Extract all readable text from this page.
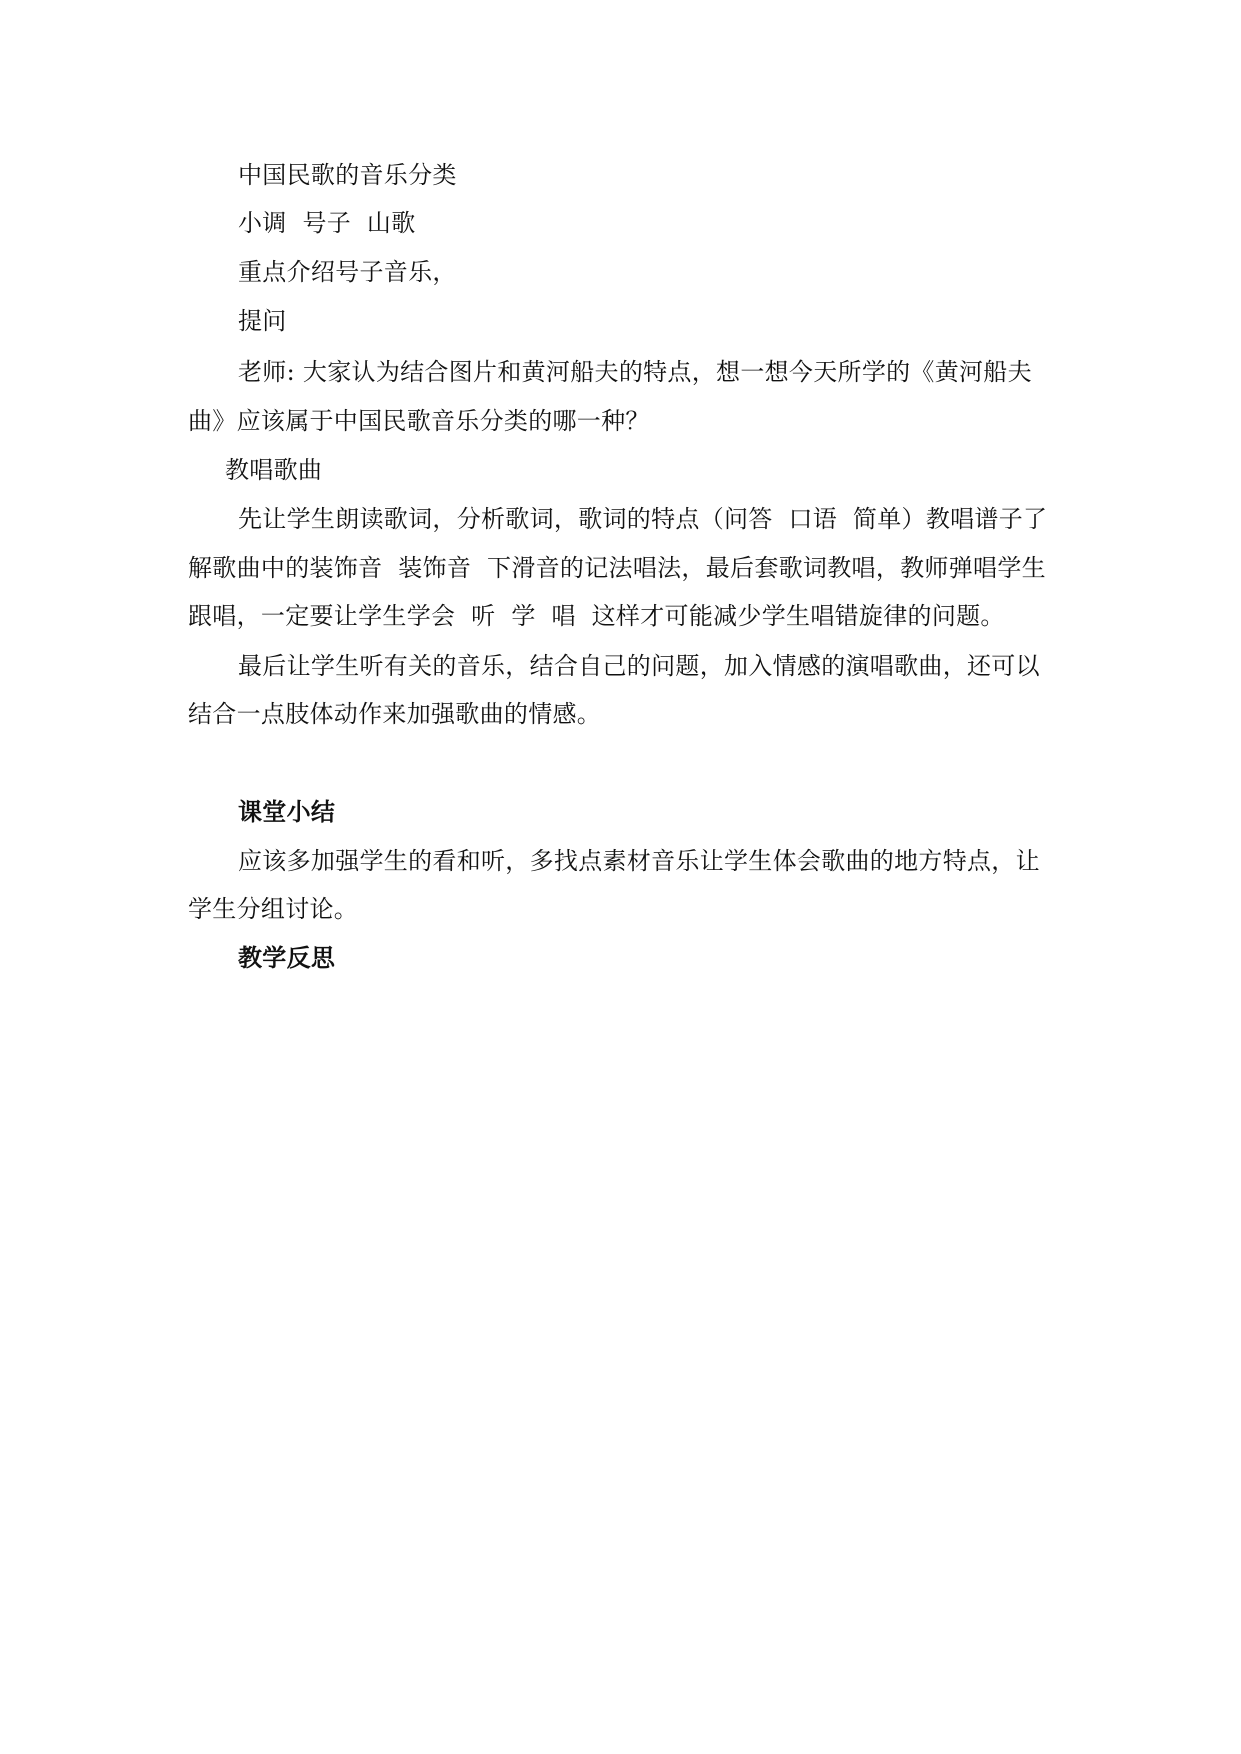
中国民歌的音乐分类
小调  号子  山歌
重点介绍号子音乐，
提问
老师: 大家认为结合图片和黄河船夫的特点，想一想今天所学的《黄河船夫
曲》应该属于中国民歌音乐分类的哪一种？
教唱歌曲
先让学生朗读歌词，分析歌词，歌词的特点（问答  口语  简单）教唱谱子了
解歌曲中的装饰音  装饰音  下滑音的记法唱法，最后套歌词教唱，教师弹唱学生
跟唱，一定要让学生学会  听  学  唱  这样才可能减少学生唱错旋律的问题。
最后让学生听有关的音乐，结合自己的问题，加入情感的演唱歌曲，还可以
结合一点肢体动作来加强歌曲的情感。
课堂小结
应该多加强学生的看和听，多找点素材音乐让学生体会歌曲的地方特点，让
学生分组讨论。
教学反思
